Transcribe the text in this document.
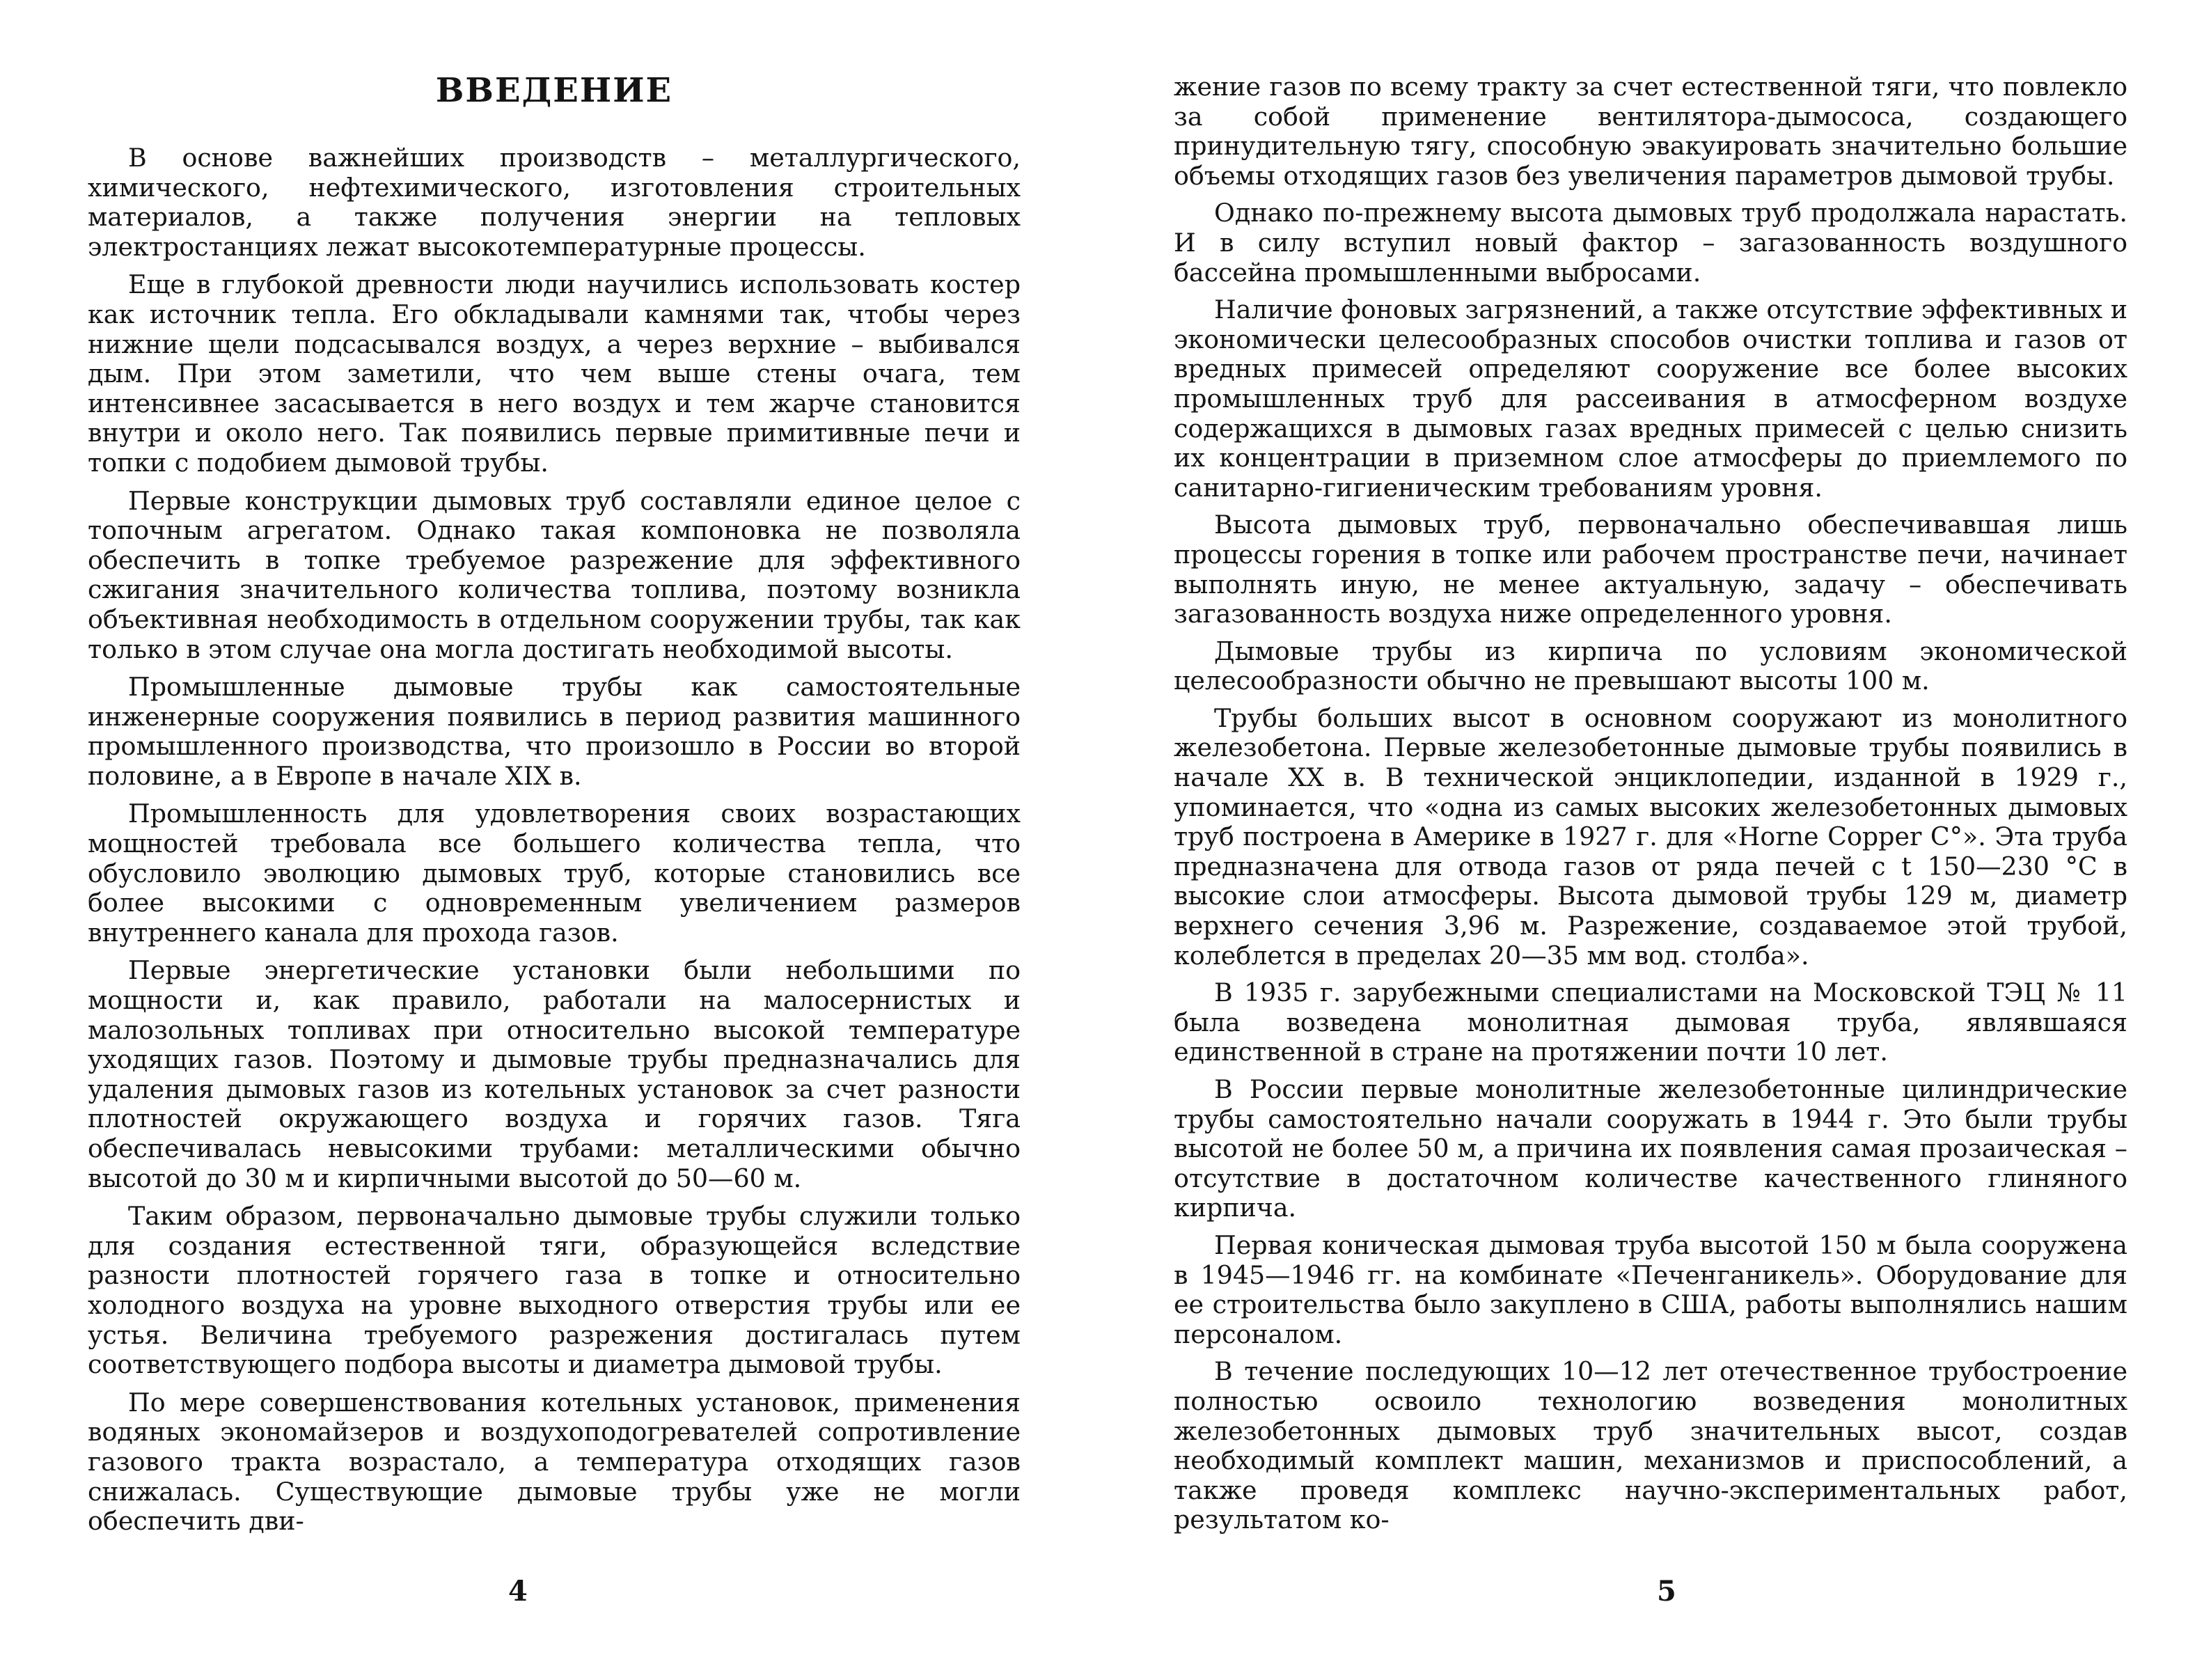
ВВЕДЕНИЕ

В основе важнейших производств – металлургического, химического, нефтехимического, изготовления строительных материалов, а также получения энергии на тепловых электростанциях лежат высокотемпературные процессы.

Еще в глубокой древности люди научились использовать костер как источник тепла. Его обкладывали камнями так, чтобы через нижние щели подсасывался воздух, а через верхние – выбивался дым. При этом заметили, что чем выше стены очага, тем интенсивнее засасывается в него воздух и тем жарче становится внутри и около него. Так появились первые примитивные печи и топки с подобием дымовой трубы.

Первые конструкции дымовых труб составляли единое целое с топочным агрегатом. Однако такая компоновка не позволяла обеспечить в топке требуемое разрежение для эффективного сжигания значительного количества топлива, поэтому возникла объективная необходимость в отдельном сооружении трубы, так как только в этом случае она могла достигать необходимой высоты.

Промышленные дымовые трубы как самостоятельные инженерные сооружения появились в период развития машинного промышленного производства, что произошло в России во второй половине, а в Европе в начале XIX в.

Промышленность для удовлетворения своих возрастающих мощностей требовала все большего количества тепла, что обусловило эволюцию дымовых труб, которые становились все более высокими с одновременным увеличением размеров внутреннего канала для прохода газов.

Первые энергетические установки были небольшими по мощности и, как правило, работали на малосернистых и малозольных топливах при относительно высокой температуре уходящих газов. Поэтому и дымовые трубы предназначались для удаления дымовых газов из котельных установок за счет разности плотностей окружающего воздуха и горячих газов. Тяга обеспечивалась невысокими трубами: металлическими обычно высотой до 30 м и кирпичными высотой до 50—60 м.

Таким образом, первоначально дымовые трубы служили только для создания естественной тяги, образующейся вследствие разности плотностей горячего газа в топке и относительно холодного воздуха на уровне выходного отверстия трубы или ее устья. Величина требуемого разрежения достигалась путем соответствующего подбора высоты и диаметра дымовой трубы.

По мере совершенствования котельных установок, применения водяных экономайзеров и воздухоподогревателей сопротивление газового тракта возрастало, а температура отходящих газов снижалась. Существующие дымовые трубы уже не могли обеспечить дви-

жение газов по всему тракту за счет естественной тяги, что повлекло за собой применение вентилятора-дымососа, создающего принудительную тягу, способную эвакуировать значительно большие объемы отходящих газов без увеличения параметров дымовой трубы.

Однако по-прежнему высота дымовых труб продолжала нарастать. И в силу вступил новый фактор – загазованность воздушного бассейна промышленными выбросами.

Наличие фоновых загрязнений, а также отсутствие эффективных и экономически целесообразных способов очистки топлива и газов от вредных примесей определяют сооружение все более высоких промышленных труб для рассеивания в атмосферном воздухе содержащихся в дымовых газах вредных примесей с целью снизить их концентрации в приземном слое атмосферы до приемлемого по санитарно-гигиеническим требованиям уровня.

Высота дымовых труб, первоначально обеспечивавшая лишь процессы горения в топке или рабочем пространстве печи, начинает выполнять иную, не менее актуальную, задачу – обеспечивать загазованность воздуха ниже определенного уровня.

Дымовые трубы из кирпича по условиям экономической целесообразности обычно не превышают высоты 100 м.

Трубы больших высот в основном сооружают из монолитного железобетона. Первые железобетонные дымовые трубы появились в начале XX в. В технической энциклопедии, изданной в 1929 г., упоминается, что «одна из самых высоких железобетонных дымовых труб построена в Америке в 1927 г. для «Horne Copper C°». Эта труба предназначена для отвода газов от ряда печей с t 150—230 °C в высокие слои атмосферы. Высота дымовой трубы 129 м, диаметр верхнего сечения 3,96 м. Разрежение, создаваемое этой трубой, колеблется в пределах 20—35 мм вод. столба».

В 1935 г. зарубежными специалистами на Московской ТЭЦ № 11 была возведена монолитная дымовая труба, являвшаяся единственной в стране на протяжении почти 10 лет.

В России первые монолитные железобетонные цилиндрические трубы самостоятельно начали сооружать в 1944 г. Это были трубы высотой не более 50 м, а причина их появления самая прозаическая – отсутствие в достаточном количестве качественного глиняного кирпича.

Первая коническая дымовая труба высотой 150 м была сооружена в 1945—1946 гг. на комбинате «Печенганикель». Оборудование для ее строительства было закуплено в США, работы выполнялись нашим персоналом.

В течение последующих 10—12 лет отечественное трубостроение полностью освоило технологию возведения монолитных железобетонных дымовых труб значительных высот, создав необходимый комплект машин, механизмов и приспособлений, а также проведя комплекс научно-экспериментальных работ, результатом ко-

4	5
